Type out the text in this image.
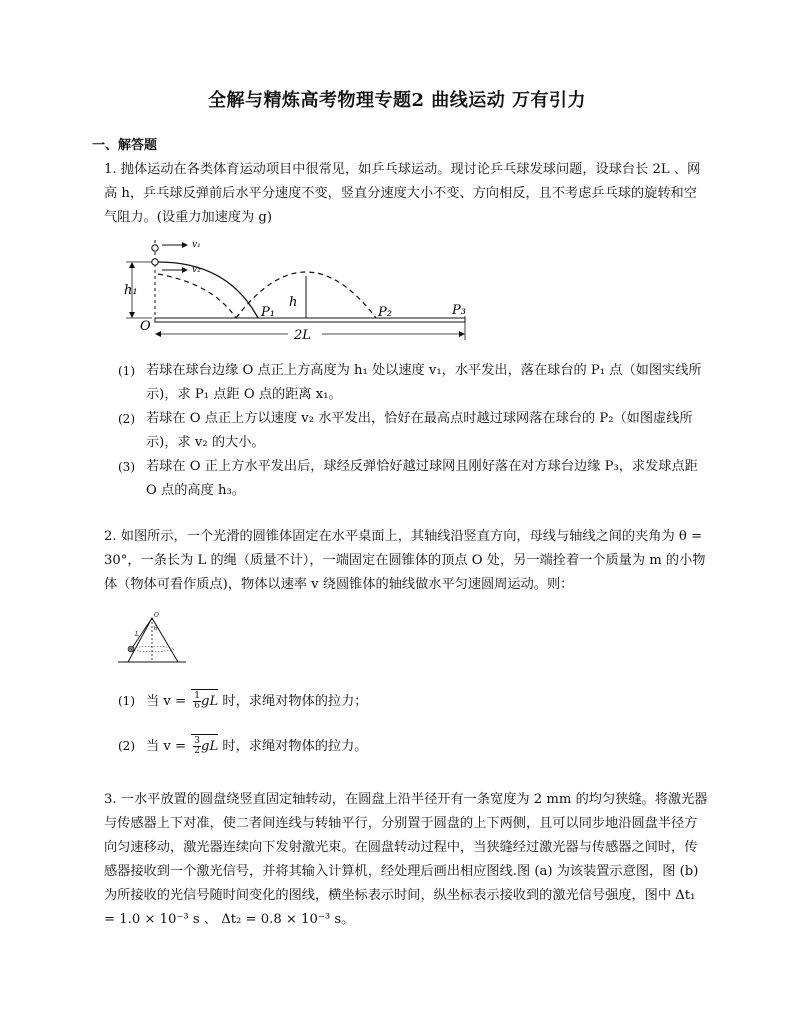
全解与精炼高考物理专题2 曲线运动 万有引力
一、解答题
1. 抛体运动在各类体育运动项目中很常见，如乒乓球运动。现讨论乒乓球发球问题，设球台长 2L 、网高 h，乒乓球反弹前后水平分速度不变，竖直分速度大小不变、方向相反，且不考虑乒乓球的旋转和空气阻力。(设重力加速度为 g)
h₁
v₁
v₂
h
O
P₁	P₂	P₃
2L
(1) 若球在球台边缘 O 点正上方高度为 h₁ 处以速度 v₁，水平发出，落在球台的 P₁ 点（如图实线所示)，求 P₁ 点距 O 点的距离 x₁。
(2) 若球在 O 点正上方以速度 v₂ 水平发出，恰好在最高点时越过球网落在球台的 P₂（如图虚线所示)，求 v₂ 的大小。
(3) 若球在 O 正上方水平发出后，球经反弹恰好越过球网且刚好落在对方球台边缘 P₃，求发球点距 O 点的高度 h₃。
2. 如图所示，一个光滑的圆锥体固定在水平桌面上，其轴线沿竖直方向，母线与轴线之间的夹角为 θ = 30°，一条长为 L 的绳（质量不计），一端固定在圆锥体的顶点 O 处，另一端拴着一个质量为 m 的小物体（物体可看作质点)，物体以速率 v 绕圆锥体的轴线做水平匀速圆周运动。则：
O
L
θ
(1) 当 $v = \frac{1}{6}$ gL 时，求绳对物体的拉力；
(2) 当 $v = \frac{3}{2}$ gL 时，求绳对物体的拉力。
3. 一水平放置的圆盘绕竖直固定轴转动，在圆盘上沿半径开有一条宽度为 2 mm 的均匀狭缝。将激光器与传感器上下对准，使二者间连线与转轴平行，分别置于圆盘的上下两侧，且可以同步地沿圆盘半径方向匀速移动，激光器连续向下发射激光束。在圆盘转动过程中，当狭缝经过激光器与传感器之间时，传感器接收到一个激光信号，并将其输入计算机，经处理后画出相应图线.图 (a) 为该装置示意图，图 (b) 为所接收的光信号随时间变化的图线，横坐标表示时间，纵坐标表示接收到的激光信号强度，图中 Δt₁ = 1.0 × 10⁻³ s 、 Δt₂ = 0.8 × 10⁻³ s。
